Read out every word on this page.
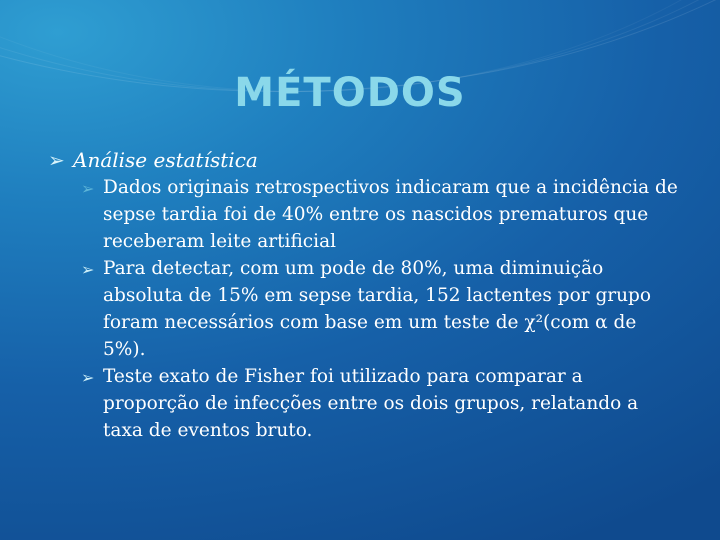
MÉTODOS
➢ Análise estatística
➢ Dados originais retrospectivos indicaram que a incidência de sepse tardia foi de 40% entre os nascidos prematuros que receberam leite artificial
➢ Para detectar, com um pode de 80%, uma diminuição absoluta de 15% em sepse tardia, 152 lactentes por grupo foram necessários com base em um teste de χ²(com α de 5%).
➢ Teste exato de Fisher foi utilizado para comparar a proporção de infecções entre os dois grupos, relatando a taxa de eventos bruto.
